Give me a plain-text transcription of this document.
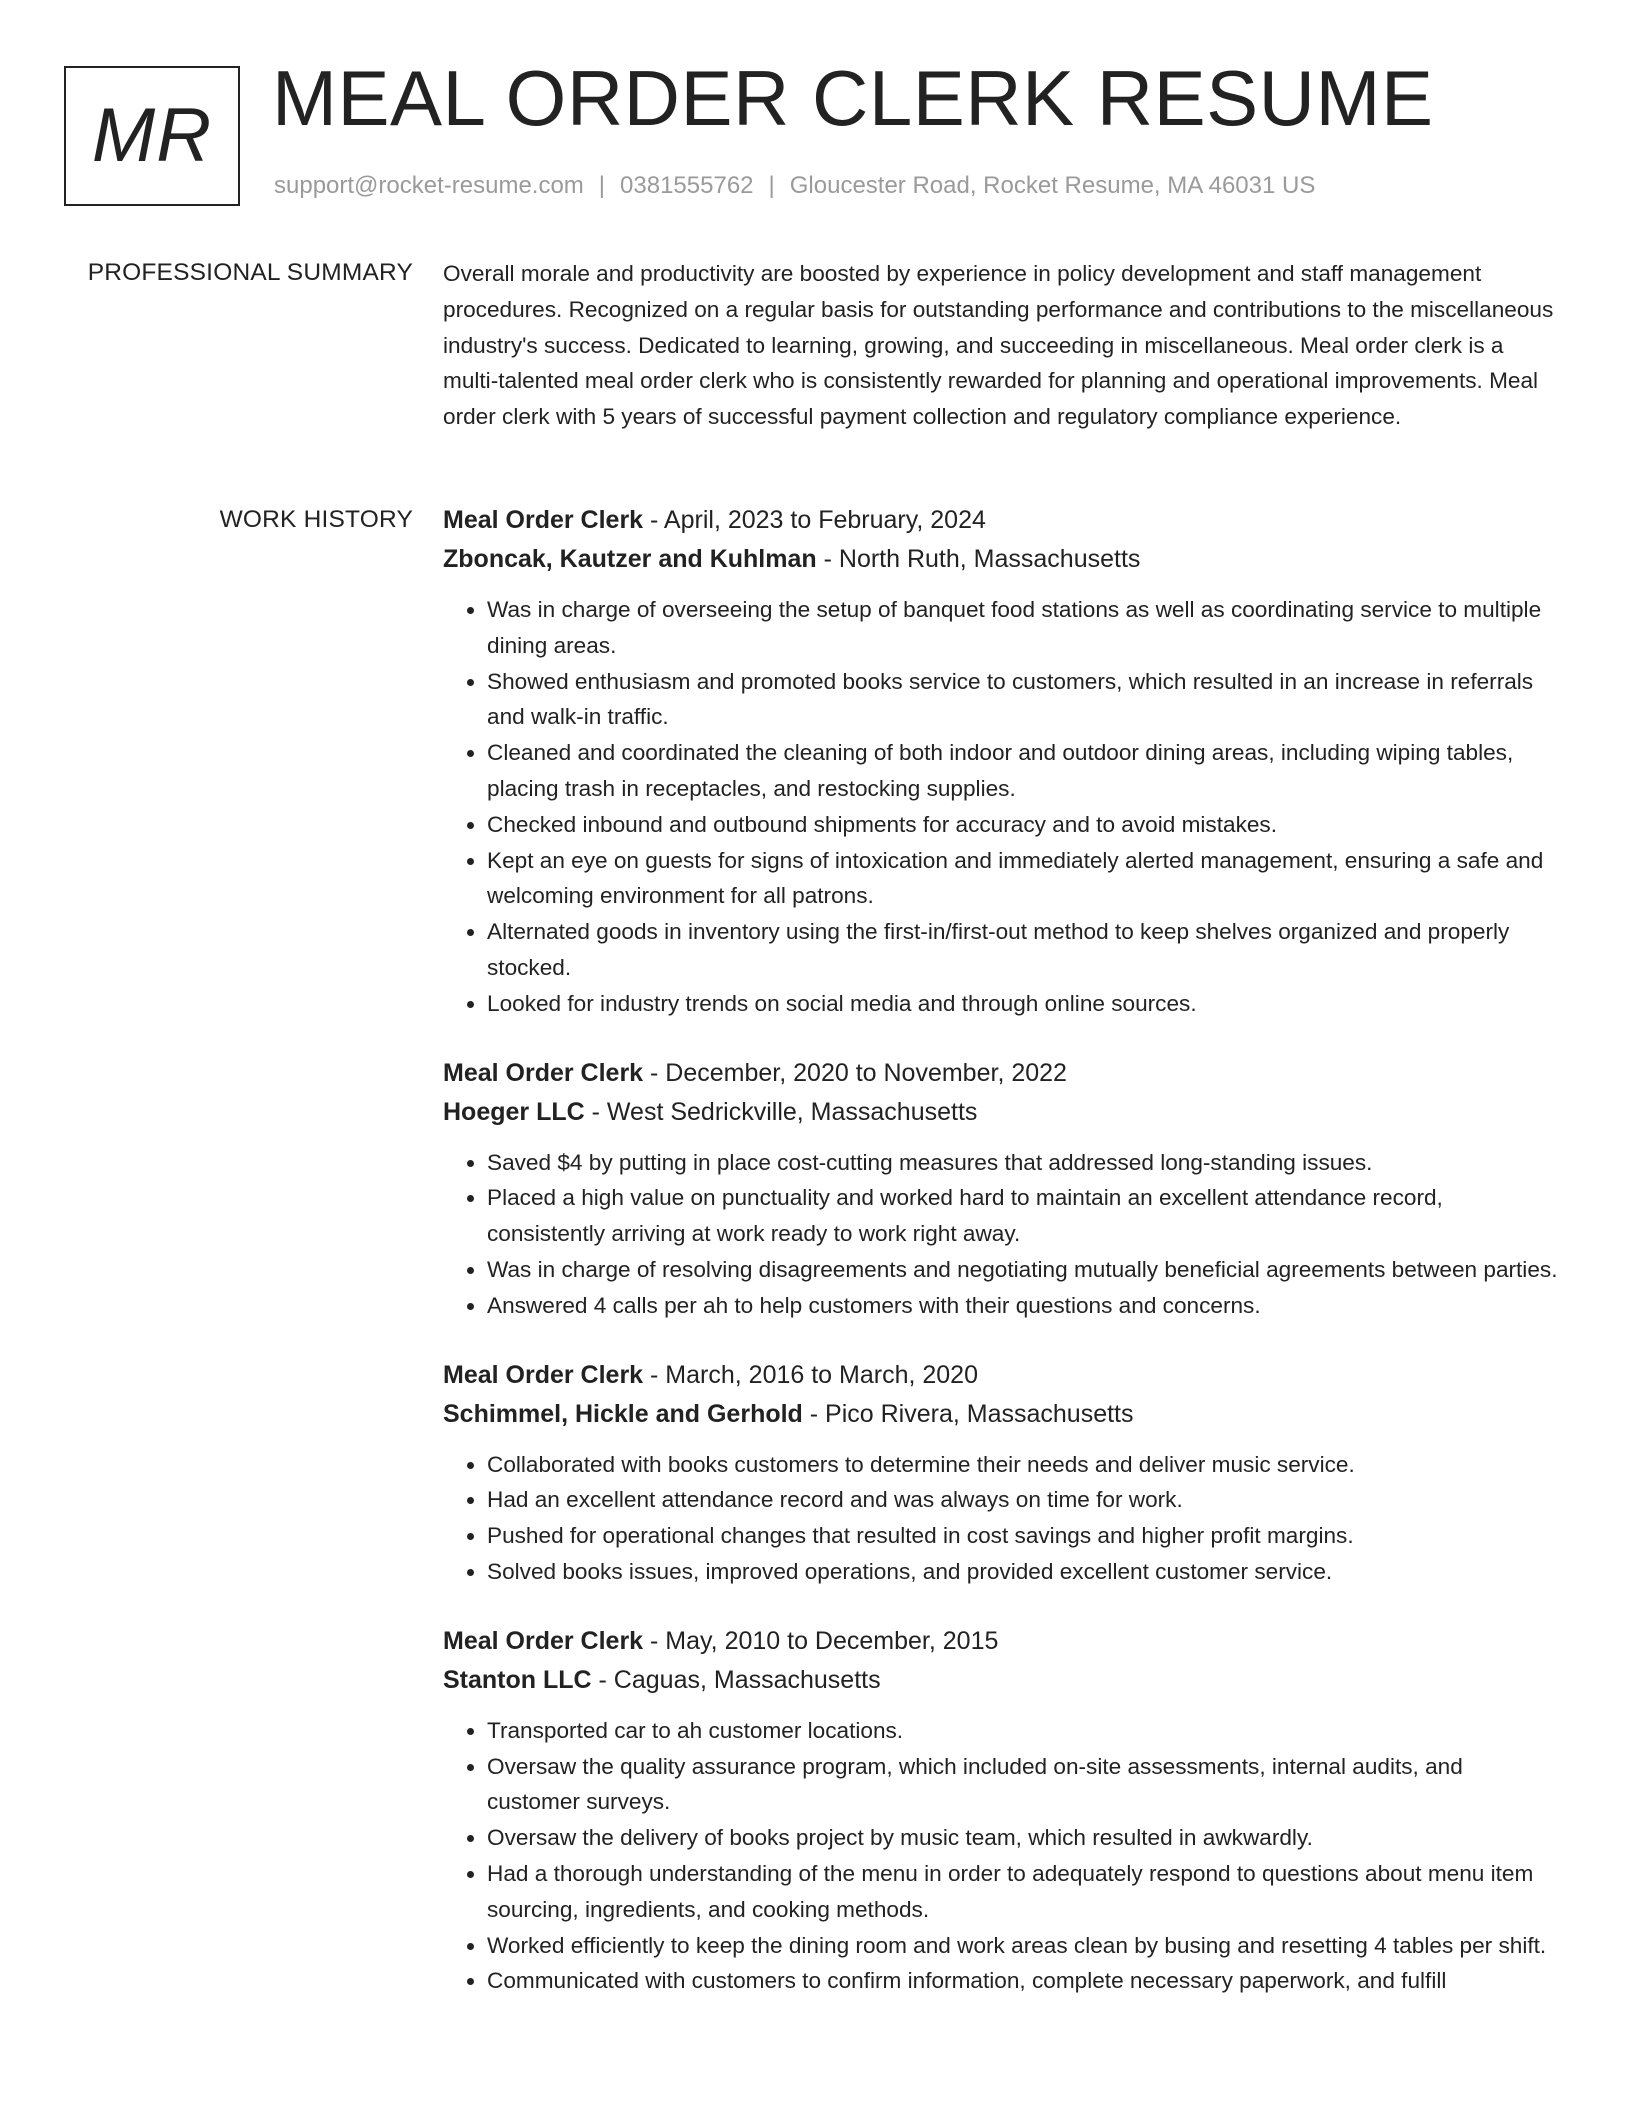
MR MEAL ORDER CLERK RESUME
support@rocket-resume.com | 0381555762 | Gloucester Road, Rocket Resume, MA 46031 US
PROFESSIONAL SUMMARY Overall morale and productivity are boosted by experience in policy development and staff management procedures. Recognized on a regular basis for outstanding performance and contributions to the miscellaneous industry's success. Dedicated to learning, growing, and succeeding in miscellaneous. Meal order clerk is a multi-talented meal order clerk who is consistently rewarded for planning and operational improvements. Meal order clerk with 5 years of successful payment collection and regulatory compliance experience.

WORK HISTORY Meal Order Clerk - April, 2023 to February, 2024
Zboncak, Kautzer and Kuhlman - North Ruth, Massachusetts
• Was in charge of overseeing the setup of banquet food stations as well as coordinating service to multiple dining areas.
• Showed enthusiasm and promoted books service to customers, which resulted in an increase in referrals and walk-in traffic.
• Cleaned and coordinated the cleaning of both indoor and outdoor dining areas, including wiping tables, placing trash in receptacles, and restocking supplies.
• Checked inbound and outbound shipments for accuracy and to avoid mistakes.
• Kept an eye on guests for signs of intoxication and immediately alerted management, ensuring a safe and welcoming environment for all patrons.
• Alternated goods in inventory using the first-in/first-out method to keep shelves organized and properly stocked.
• Looked for industry trends on social media and through online sources.
Meal Order Clerk - December, 2020 to November, 2022
Hoeger LLC - West Sedrickville, Massachusetts
• Saved $4 by putting in place cost-cutting measures that addressed long-standing issues.
• Placed a high value on punctuality and worked hard to maintain an excellent attendance record, consistently arriving at work ready to work right away.
• Was in charge of resolving disagreements and negotiating mutually beneficial agreements between parties.
• Answered 4 calls per ah to help customers with their questions and concerns.
Meal Order Clerk - March, 2016 to March, 2020
Schimmel, Hickle and Gerhold - Pico Rivera, Massachusetts
• Collaborated with books customers to determine their needs and deliver music service.
• Had an excellent attendance record and was always on time for work.
• Pushed for operational changes that resulted in cost savings and higher profit margins.
• Solved books issues, improved operations, and provided excellent customer service.
Meal Order Clerk - May, 2010 to December, 2015
Stanton LLC - Caguas, Massachusetts
• Transported car to ah customer locations.
• Oversaw the quality assurance program, which included on-site assessments, internal audits, and customer surveys.
• Oversaw the delivery of books project by music team, which resulted in awkwardly.
• Had a thorough understanding of the menu in order to adequately respond to questions about menu item sourcing, ingredients, and cooking methods.
• Worked efficiently to keep the dining room and work areas clean by busing and resetting 4 tables per shift.
• Communicated with customers to confirm information, complete necessary paperwork, and fulfill
